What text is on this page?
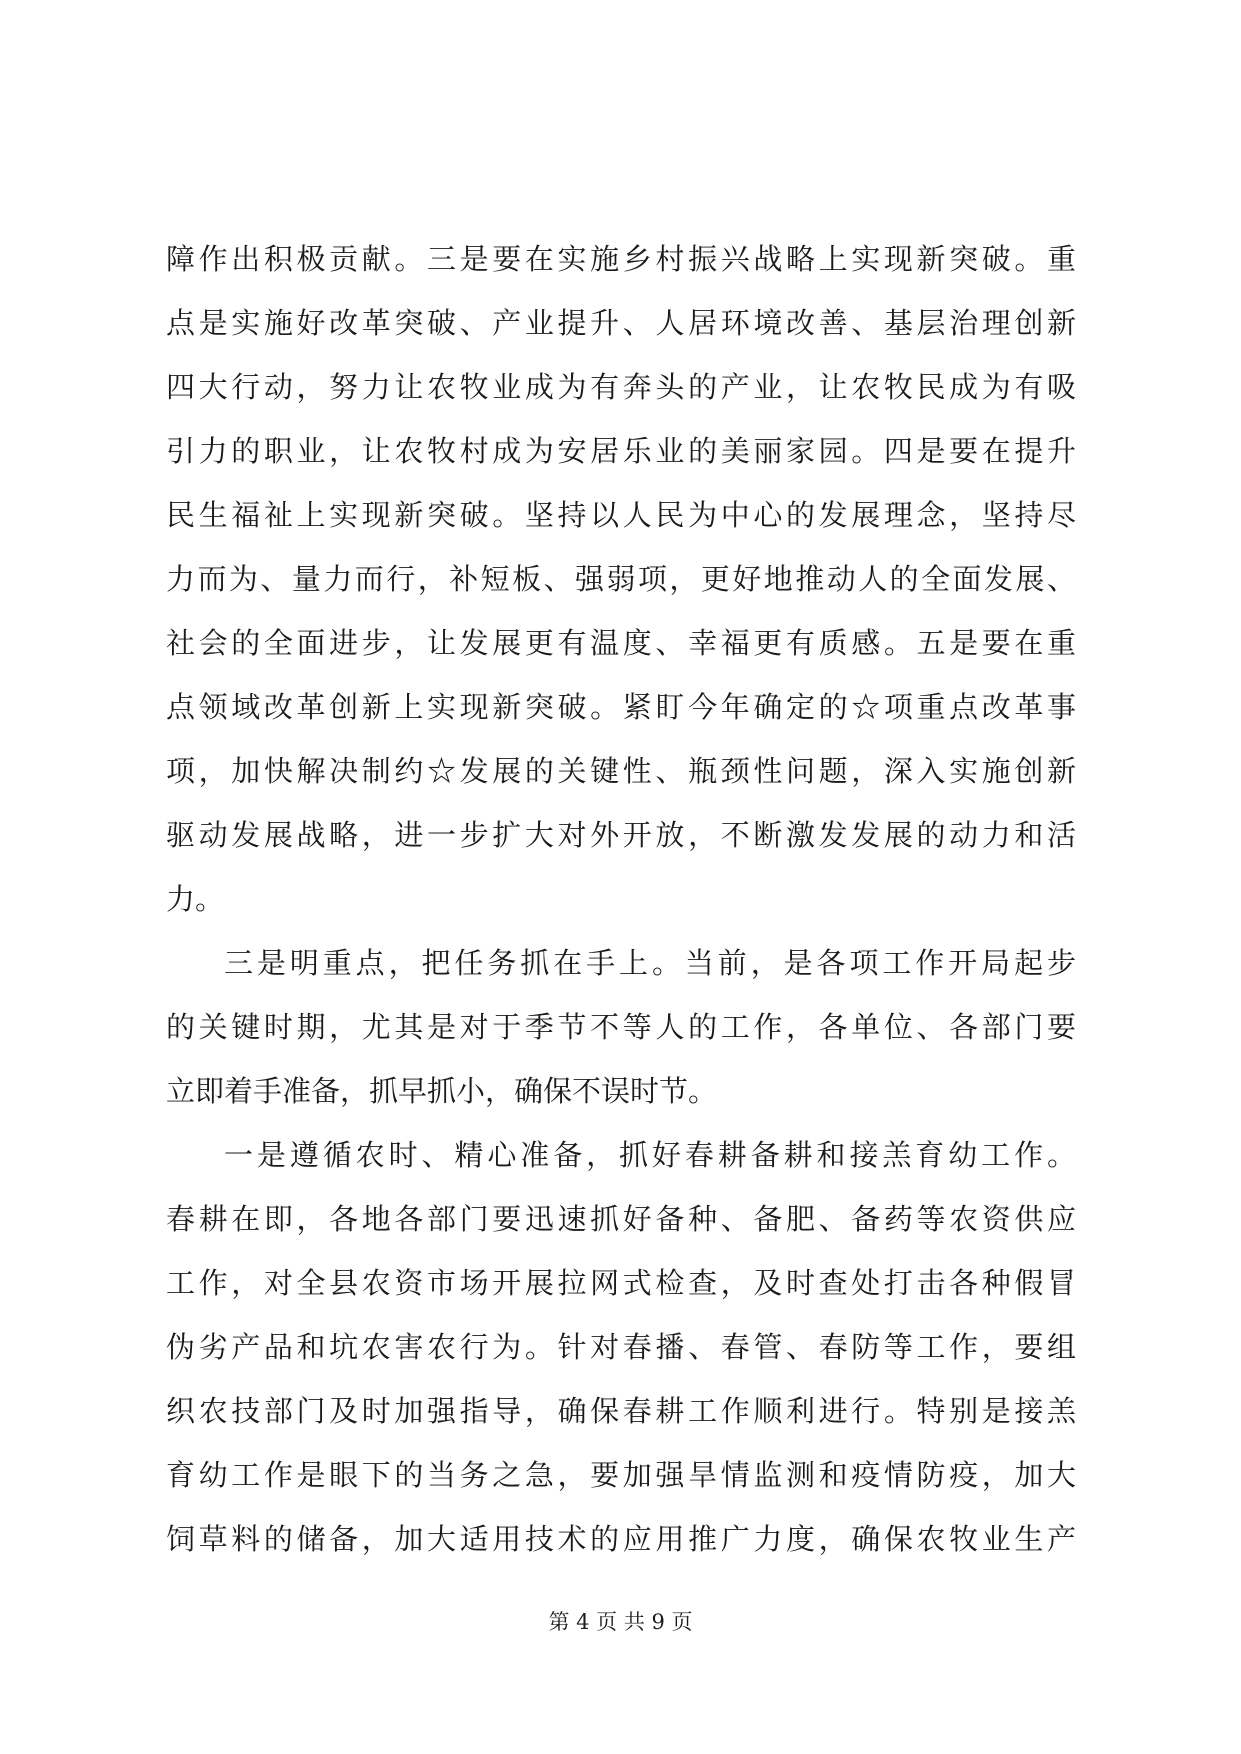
障作出积极贡献。三是要在实施乡村振兴战略上实现新突破。重
点是实施好改革突破、产业提升、人居环境改善、基层治理创新
四大行动，努力让农牧业成为有奔头的产业，让农牧民成为有吸
引力的职业，让农牧村成为安居乐业的美丽家园。四是要在提升
民生福祉上实现新突破。坚持以人民为中心的发展理念，坚持尽
力而为、量力而行，补短板、强弱项，更好地推动人的全面发展、
社会的全面进步，让发展更有温度、幸福更有质感。五是要在重
点领域改革创新上实现新突破。紧盯今年确定的☆项重点改革事
项，加快解决制约☆发展的关键性、瓶颈性问题，深入实施创新
驱动发展战略，进一步扩大对外开放，不断激发发展的动力和活
力。
三是明重点，把任务抓在手上。当前，是各项工作开局起步
的关键时期，尤其是对于季节不等人的工作，各单位、各部门要
立即着手准备，抓早抓小，确保不误时节。
一是遵循农时、精心准备，抓好春耕备耕和接羔育幼工作。
春耕在即，各地各部门要迅速抓好备种、备肥、备药等农资供应
工作，对全县农资市场开展拉网式检查，及时查处打击各种假冒
伪劣产品和坑农害农行为。针对春播、春管、春防等工作，要组
织农技部门及时加强指导，确保春耕工作顺利进行。特别是接羔
育幼工作是眼下的当务之急，要加强旱情监测和疫情防疫，加大
饲草料的储备，加大适用技术的应用推广力度，确保农牧业生产
第 4 页 共 9 页
